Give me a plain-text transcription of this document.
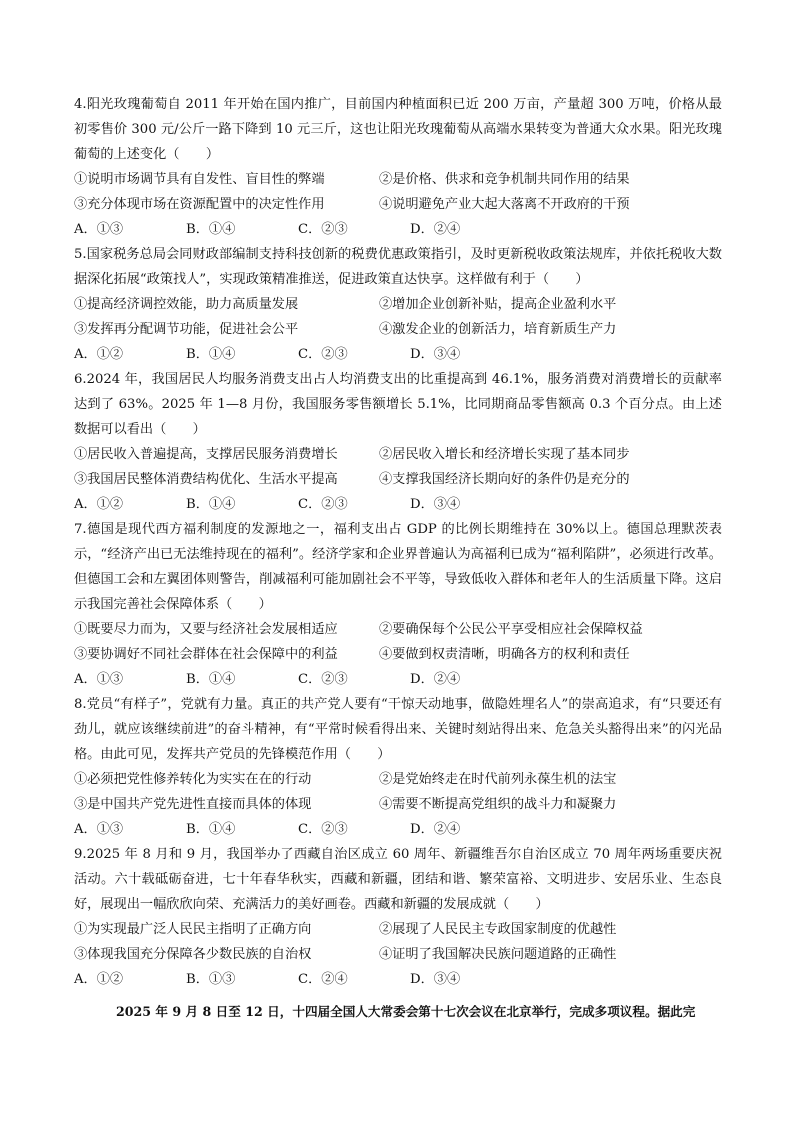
4.阳光玫瑰葡萄自 2011 年开始在国内推广，目前国内种植面积已近 200 万亩，产量超 300 万吨，价格从最初零售价 300 元/公斤一路下降到 10 元三斤，这也让阳光玫瑰葡萄从高端水果转变为普通大众水果。阳光玫瑰葡萄的上述变化（　　）

①说明市场调节具有自发性、盲目性的弊端	②是价格、供求和竞争机制共同作用的结果
③充分体现市场在资源配置中的决定性作用	④说明避免产业大起大落离不开政府的干预
A．①③	B．①④	C．②③	D．②④

5.国家税务总局会同财政部编制支持科技创新的税费优惠政策指引，及时更新税收政策法规库，并依托税收大数据深化拓展“政策找人”，实现政策精准推送，促进政策直达快享。这样做有利于（　　）

①提高经济调控效能，助力高质量发展	②增加企业创新补贴，提高企业盈利水平
③发挥再分配调节功能，促进社会公平	④激发企业的创新活力，培育新质生产力
A．①②	B．①④	C．②③	D．③④

6.2024 年，我国居民人均服务消费支出占人均消费支出的比重提高到 46.1%，服务消费对消费增长的贡献率达到了 63%。2025 年 1—8 月份，我国服务零售额增长 5.1%，比同期商品零售额高 0.3 个百分点。由上述数据可以看出（　　）

①居民收入普遍提高，支撑居民服务消费增长	②居民收入增长和经济增长实现了基本同步
③我国居民整体消费结构优化、生活水平提高	④支撑我国经济长期向好的条件仍是充分的
A．①②	B．①④	C．②③	D．③④

7.德国是现代西方福利制度的发源地之一，福利支出占 GDP 的比例长期维持在 30%以上。德国总理默茨表示，“经济产出已无法维持现在的福利”。经济学家和企业界普遍认为高福利已成为“福利陷阱”，必须进行改革。但德国工会和左翼团体则警告，削减福利可能加剧社会不平等，导致低收入群体和老年人的生活质量下降。这启示我国完善社会保障体系（　　）

①既要尽力而为，又要与经济社会发展相适应	②要确保每个公民公平享受相应社会保障权益
③要协调好不同社会群体在社会保障中的利益	④要做到权责清晰，明确各方的权利和责任
A．①③	B．①④	C．②③	D．②④

8.党员“有样子”，党就有力量。真正的共产党人要有“干惊天动地事，做隐姓埋名人”的崇高追求，有“只要还有劲儿，就应该继续前进”的奋斗精神，有“平常时候看得出来、关键时刻站得出来、危急关头豁得出来”的闪光品格。由此可见，发挥共产党员的先锋模范作用（　　）

①必须把党性修养转化为实实在在的行动	②是党始终走在时代前列永葆生机的法宝
③是中国共产党先进性直接而具体的体现	④需要不断提高党组织的战斗力和凝聚力
A．①③	B．①④	C．②③	D．②④

9.2025 年 8 月和 9 月，我国举办了西藏自治区成立 60 周年、新疆维吾尔自治区成立 70 周年两场重要庆祝活动。六十载砥砺奋进，七十年春华秋实，西藏和新疆，团结和谐、繁荣富裕、文明进步、安居乐业、生态良好，展现出一幅欣欣向荣、充满活力的美好画卷。西藏和新疆的发展成就（　　）

①为实现最广泛人民民主指明了正确方向	②展现了人民民主专政国家制度的优越性
③体现我国充分保障各少数民族的自治权	④证明了我国解决民族问题道路的正确性
A．①②	B．①③	C．②④	D．③④
2025 年 9 月 8 日至 12 日，十四届全国人大常委会第十七次会议在北京举行，完成多项议程。据此完
